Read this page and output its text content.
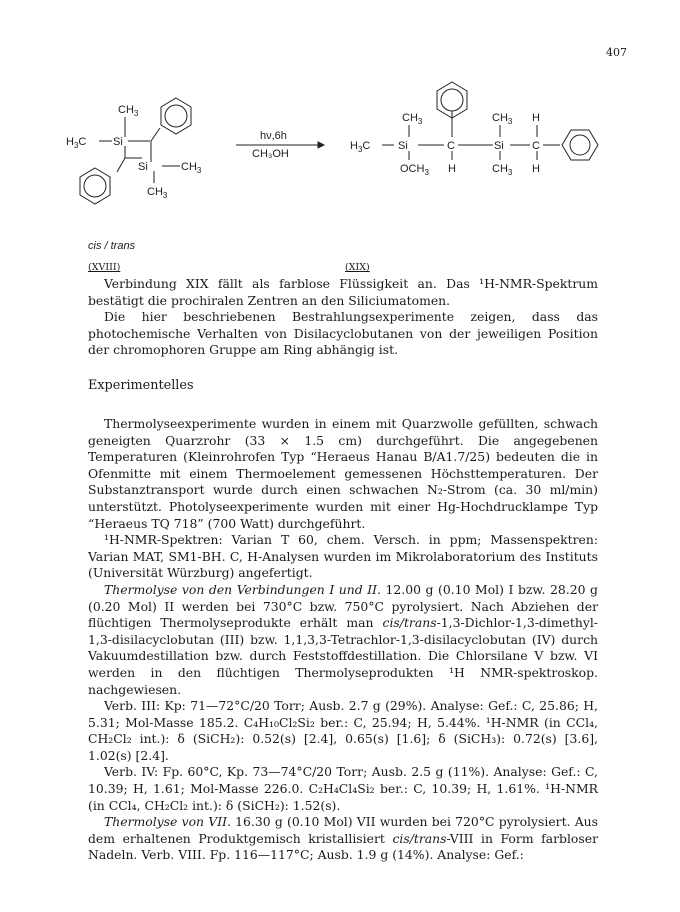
407
$CH_3$
$H_3C$ Si
Si	$CH_3$
$CH_3$
$CH_3$
$H_3C$	Si	C	Si	C
$CH_3$ H
$OCH_3$ H	$CH_3$ H
hν,6h
CH₃OH
cis / trans
(XVIII)	(XIX)

Verbindung XIX fällt als farblose Flüssigkeit an. Das ¹H-NMR-Spektrum bestätigt die prochiralen Zentren an den Siliciumatomen.

Die hier beschriebenen Bestrahlungsexperimente zeigen, dass das photochemische Verhalten von Disilacyclobutanen von der jeweiligen Position der chromophoren Gruppe am Ring abhängig ist.

Experimentelles

Thermolyseexperimente wurden in einem mit Quarzwolle gefüllten, schwach geneigten Quarzrohr (33 × 1.5 cm) durchgeführt. Die angegebenen Temperaturen (Kleinrohrofen Typ “Heraeus Hanau B/A1.7/25) bedeuten die in Ofenmitte mit einem Thermoelement gemessenen Höchsttemperaturen. Der Substanztransport wurde durch einen schwachen N₂-Strom (ca. 30 ml/min) unterstützt. Photolyseexperimente wurden mit einer Hg-Hochdrucklampe Typ “Heraeus TQ 718” (700 Watt) durchgeführt.

¹H-NMR-Spektren: Varian T 60, chem. Versch. in ppm; Massenspektren: Varian MAT, SM1-BH. C, H-Analysen wurden im Mikrolaboratorium des Instituts (Universität Würzburg) angefertigt.

Thermolyse von den Verbindungen I und II. 12.00 g (0.10 Mol) I bzw. 28.20 g (0.20 Mol) II werden bei 730°C bzw. 750°C pyrolysiert. Nach Abziehen der flüchtigen Thermolyseprodukte erhält man cis/trans-1,3-Dichlor-1,3-dimethyl-1,3-disilacyclobutan (III) bzw. 1,1,3,3-Tetrachlor-1,3-disilacyclobutan (IV) durch Vakuumdestillation bzw. durch Feststoffdestillation. Die Chlorsilane V bzw. VI werden in den flüchtigen Thermolyseprodukten ¹H NMR-spektroskop. nachgewiesen.

Verb. III: Kp: 71—72°C/20 Torr; Ausb. 2.7 g (29%). Analyse: Gef.: C, 25.86; H, 5.31; Mol-Masse 185.2. C₄H₁₀Cl₂Si₂ ber.: C, 25.94; H, 5.44%. ¹H-NMR (in CCl₄, CH₂Cl₂ int.): δ (SiCH₂): 0.52(s) [2.4], 0.65(s) [1.6]; δ (SiCH₃): 0.72(s) [3.6], 1.02(s) [2.4].

Verb. IV: Fp. 60°C, Kp. 73—74°C/20 Torr; Ausb. 2.5 g (11%). Analyse: Gef.: C, 10.39; H, 1.61; Mol-Masse 226.0. C₂H₄Cl₄Si₂ ber.: C, 10.39; H, 1.61%. ¹H-NMR (in CCl₄, CH₂Cl₂ int.): δ (SiCH₂): 1.52(s).

Thermolyse von VII. 16.30 g (0.10 Mol) VII wurden bei 720°C pyrolysiert. Aus dem erhaltenen Produktgemisch kristallisiert cis/trans-VIII in Form farbloser Nadeln. Verb. VIII. Fp. 116—117°C; Ausb. 1.9 g (14%). Analyse: Gef.:
